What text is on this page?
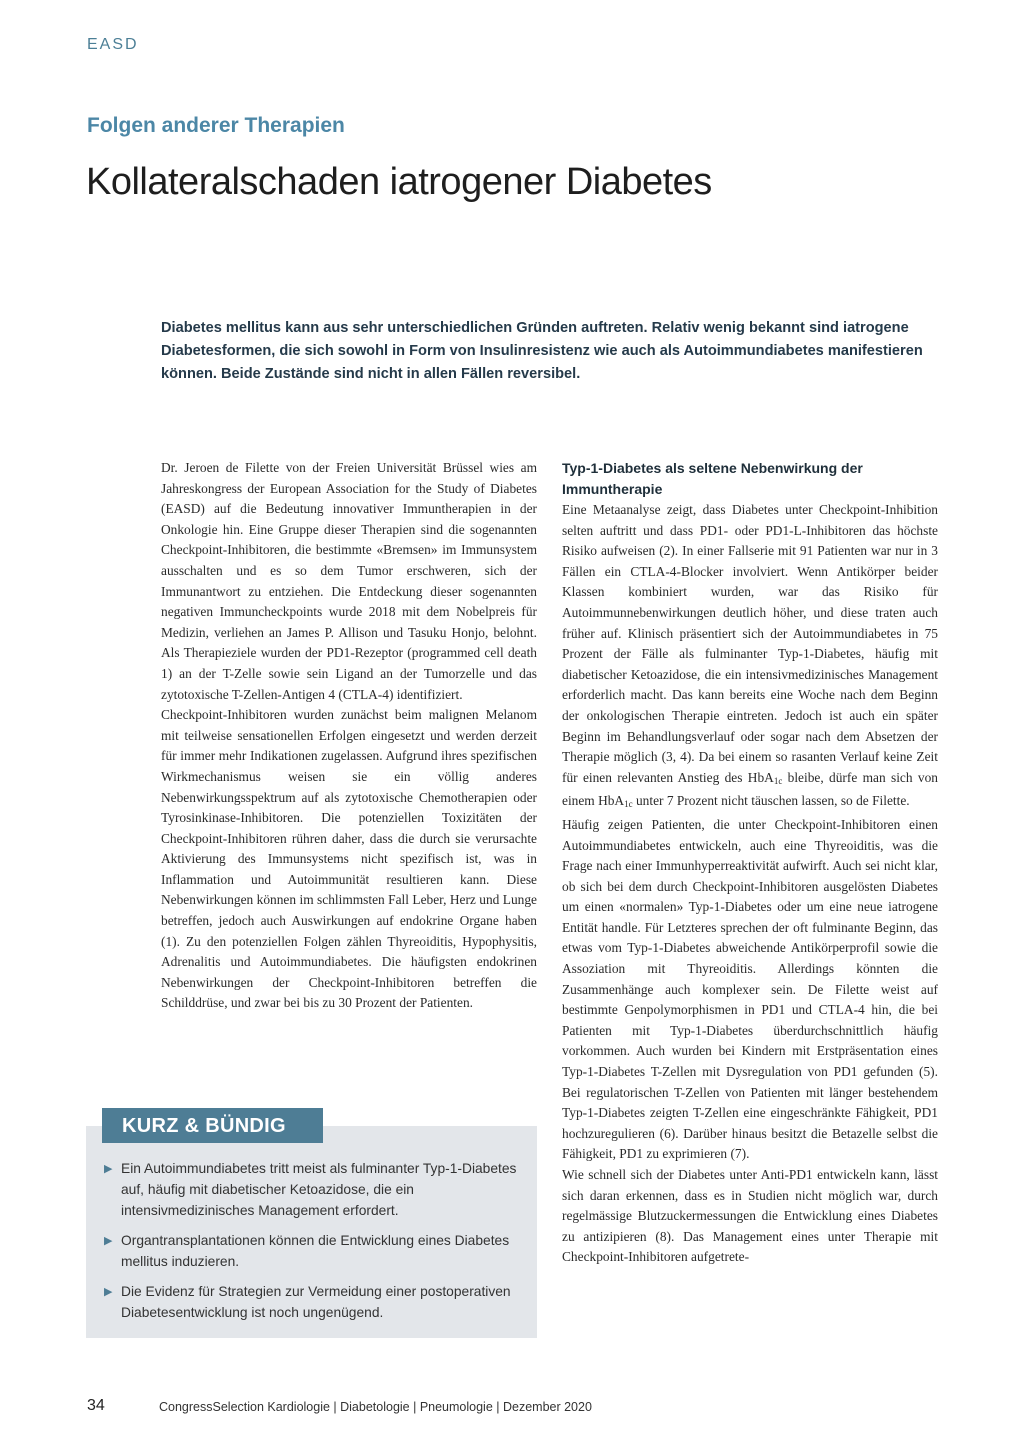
EASD
Folgen anderer Therapien
Kollateralschaden iatrogener Diabetes

Diabetes mellitus kann aus sehr unterschiedlichen Gründen auftreten. Relativ wenig bekannt sind iatrogene Diabetesformen, die sich sowohl in Form von Insulinresistenz wie auch als Autoimmundiabetes manifestieren können. Beide Zustände sind nicht in allen Fällen reversibel.

Dr. Jeroen de Filette von der Freien Universität Brüssel wies am Jahreskongress der European Association for the Study of Diabetes (EASD) auf die Bedeutung innovativer Immuntherapien in der Onkologie hin. Eine Gruppe dieser Therapien sind die sogenannten Checkpoint-Inhibitoren, die bestimmte «Bremsen» im Immunsystem ausschalten und es so dem Tumor erschweren, sich der Immunantwort zu entziehen. Die Entdeckung dieser sogenannten negativen Immuncheckpoints wurde 2018 mit dem Nobelpreis für Medizin, verliehen an James P. Allison und Tasuku Honjo, belohnt. Als Therapieziele wurden der PD1-Rezeptor (programmed cell death 1) an der T-Zelle sowie sein Ligand an der Tumorzelle und das zytotoxische T-Zellen-Antigen 4 (CTLA-4) identifiziert.

Checkpoint-Inhibitoren wurden zunächst beim malignen Melanom mit teilweise sensationellen Erfolgen eingesetzt und werden derzeit für immer mehr Indikationen zugelassen. Aufgrund ihres spezifischen Wirkmechanismus weisen sie ein völlig anderes Nebenwirkungsspektrum auf als zytotoxische Chemotherapien oder Tyrosinkinase-Inhibitoren. Die potenziellen Toxizitäten der Checkpoint-Inhibitoren rühren daher, dass die durch sie verursachte Aktivierung des Immunsystems nicht spezifisch ist, was in Inflammation und Autoimmunität resultieren kann. Diese Nebenwirkungen können im schlimmsten Fall Leber, Herz und Lunge betreffen, jedoch auch Auswirkungen auf endokrine Organe haben (1). Zu den potenziellen Folgen zählen Thyreoiditis, Hypophysitis, Adrenalitis und Autoimmundiabetes. Die häufigsten endokrinen Nebenwirkungen der Checkpoint-Inhibitoren betreffen die Schilddrüse, und zwar bei bis zu 30 Prozent der Patienten.

Typ-1-Diabetes als seltene Nebenwirkung der Immuntherapie

Eine Metaanalyse zeigt, dass Diabetes unter Checkpoint-Inhibition selten auftritt und dass PD1- oder PD1-L-Inhibitoren das höchste Risiko aufweisen (2). In einer Fallserie mit 91 Patienten war nur in 3 Fällen ein CTLA-4-Blocker involviert. Wenn Antikörper beider Klassen kombiniert wurden, war das Risiko für Autoimmunnebenwirkungen deutlich höher, und diese traten auch früher auf. Klinisch präsentiert sich der Autoimmundiabetes in 75 Prozent der Fälle als fulminanter Typ-1-Diabetes, häufig mit diabetischer Ketoazidose, die ein intensivmedizinisches Management erforderlich macht. Das kann bereits eine Woche nach dem Beginn der onkologischen Therapie eintreten. Jedoch ist auch ein später Beginn im Behandlungsverlauf oder sogar nach dem Absetzen der Therapie möglich (3, 4). Da bei einem so rasanten Verlauf keine Zeit für einen relevanten Anstieg des HbA$_{1c}$ bleibe, dürfe man sich von einem HbA$_{1c}$ unter 7 Prozent nicht täuschen lassen, so de Filette.

Häufig zeigen Patienten, die unter Checkpoint-Inhibitoren einen Autoimmundiabetes entwickeln, auch eine Thyreoiditis, was die Frage nach einer Immunhyperreaktivität aufwirft. Auch sei nicht klar, ob sich bei dem durch Checkpoint-Inhibitoren ausgelösten Diabetes um einen «normalen» Typ-1-Diabetes oder um eine neue iatrogene Entität handle. Für Letzteres sprechen der oft fulminante Beginn, das etwas vom Typ-1-Diabetes abweichende Antikörperprofil sowie die Assoziation mit Thyreoiditis. Allerdings könnten die Zusammenhänge auch komplexer sein. De Filette weist auf bestimmte Genpolymorphismen in PD1 und CTLA-4 hin, die bei Patienten mit Typ-1-Diabetes überdurchschnittlich häufig vorkommen. Auch wurden bei Kindern mit Erstpräsentation eines Typ-1-Diabetes T-Zellen mit Dysregulation von PD1 gefunden (5). Bei regulatorischen T-Zellen von Patienten mit länger bestehendem Typ-1-Diabetes zeigten T-Zellen eine eingeschränkte Fähigkeit, PD1 hochzuregulieren (6). Darüber hinaus besitzt die Betazelle selbst die Fähigkeit, PD1 zu exprimieren (7).

Wie schnell sich der Diabetes unter Anti-PD1 entwickeln kann, lässt sich daran erkennen, dass es in Studien nicht möglich war, durch regelmässige Blutzuckermessungen die Entwicklung eines Diabetes zu antizipieren (8). Das Management eines unter Therapie mit Checkpoint-Inhibitoren aufgetrete-

KURZ & BÜNDIG
▶ Ein Autoimmundiabetes tritt meist als fulminanter Typ-1-Diabetes auf, häufig mit diabetischer Ketoazidose, die ein intensivmedizinisches Management erfordert.
▶ Organtransplantationen können die Entwicklung eines Diabetes mellitus induzieren.
▶ Die Evidenz für Strategien zur Vermeidung einer postoperativen Diabetesentwicklung ist noch ungenügend.
34	CongressSelection Kardiologie | Diabetologie | Pneumologie | Dezember 2020
